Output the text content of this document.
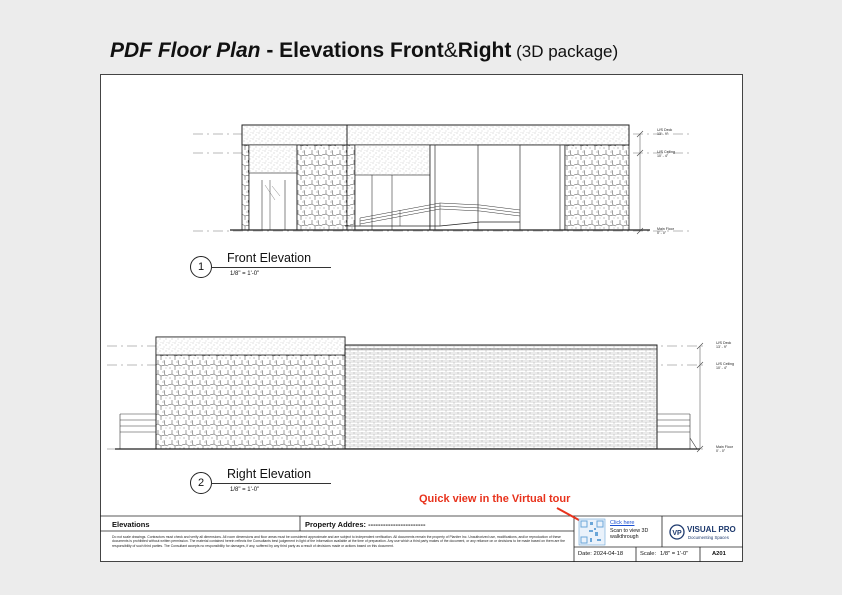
PDF Floor Plan - Elevations Front&Right (3D package)
VP
1
Front Elevation
1/8" = 1'-0"
2
Right Elevation
1/8" = 1'-0"
U/S Deck
13' - 9"
U/S Ceiling
10' - 4"
Main Floor
0' - 0"
U/S Deck
13' - 9"
U/S Ceiling
10' - 4"
Main Floor
0' - 0"
Quick view in the Virtual tour
Elevations	Property Addres: -----------------------
Do not scale drawings. Contractors must check and verify all dimensions. All room dimensions and floor areas must be considered approximate and are subject to independent verification. All documents remain the property of Planiter Inc. Unauthorized use, modifications, and/or reproduction of these documents is prohibited without written permission. The material contained herein reflects the Consultants best judgement in light of the information available at the time of preparation. Any use which a third party makes of the document, or any reliance on or decisions to be made based on them are the responsibility of such third parties. The Consultant accepts no responsibility for damages, if any, suffered by any third party as a result of decisions made or actions based on this document.
Click here
Scan to view 3D walkthrough
VISUAL PRO
Documenting Spaces
Date: 2024-04-18	Scale: 1/8" = 1'-0"	A201
